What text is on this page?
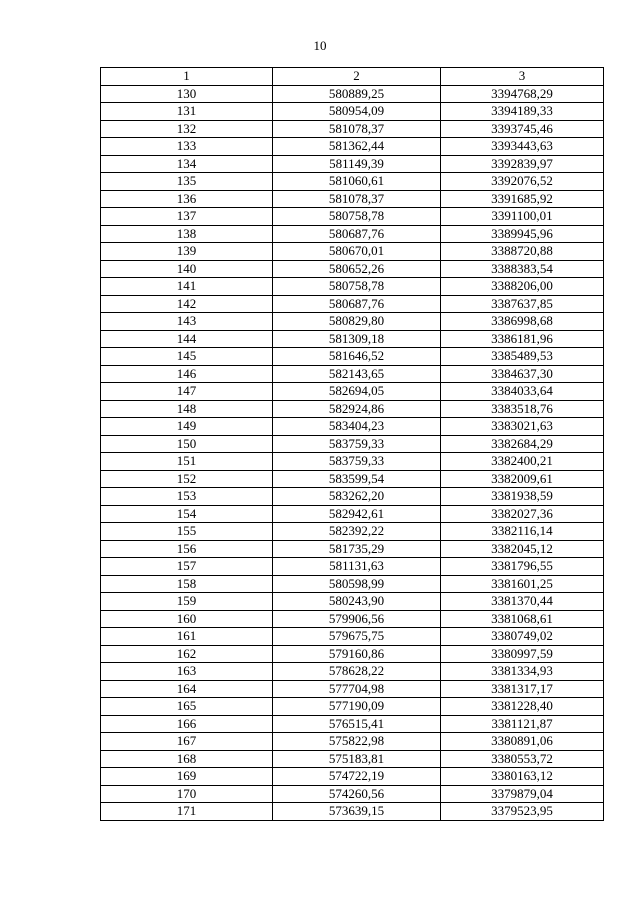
10
1	2	3
130	580889,25	3394768,29
131	580954,09	3394189,33
132	581078,37	3393745,46
133	581362,44	3393443,63
134	581149,39	3392839,97
135	581060,61	3392076,52
136	581078,37	3391685,92
137	580758,78	3391100,01
138	580687,76	3389945,96
139	580670,01	3388720,88
140	580652,26	3388383,54
141	580758,78	3388206,00
142	580687,76	3387637,85
143	580829,80	3386998,68
144	581309,18	3386181,96
145	581646,52	3385489,53
146	582143,65	3384637,30
147	582694,05	3384033,64
148	582924,86	3383518,76
149	583404,23	3383021,63
150	583759,33	3382684,29
151	583759,33	3382400,21
152	583599,54	3382009,61
153	583262,20	3381938,59
154	582942,61	3382027,36
155	582392,22	3382116,14
156	581735,29	3382045,12
157	581131,63	3381796,55
158	580598,99	3381601,25
159	580243,90	3381370,44
160	579906,56	3381068,61
161	579675,75	3380749,02
162	579160,86	3380997,59
163	578628,22	3381334,93
164	577704,98	3381317,17
165	577190,09	3381228,40
166	576515,41	3381121,87
167	575822,98	3380891,06
168	575183,81	3380553,72
169	574722,19	3380163,12
170	574260,56	3379879,04
171	573639,15	3379523,95
